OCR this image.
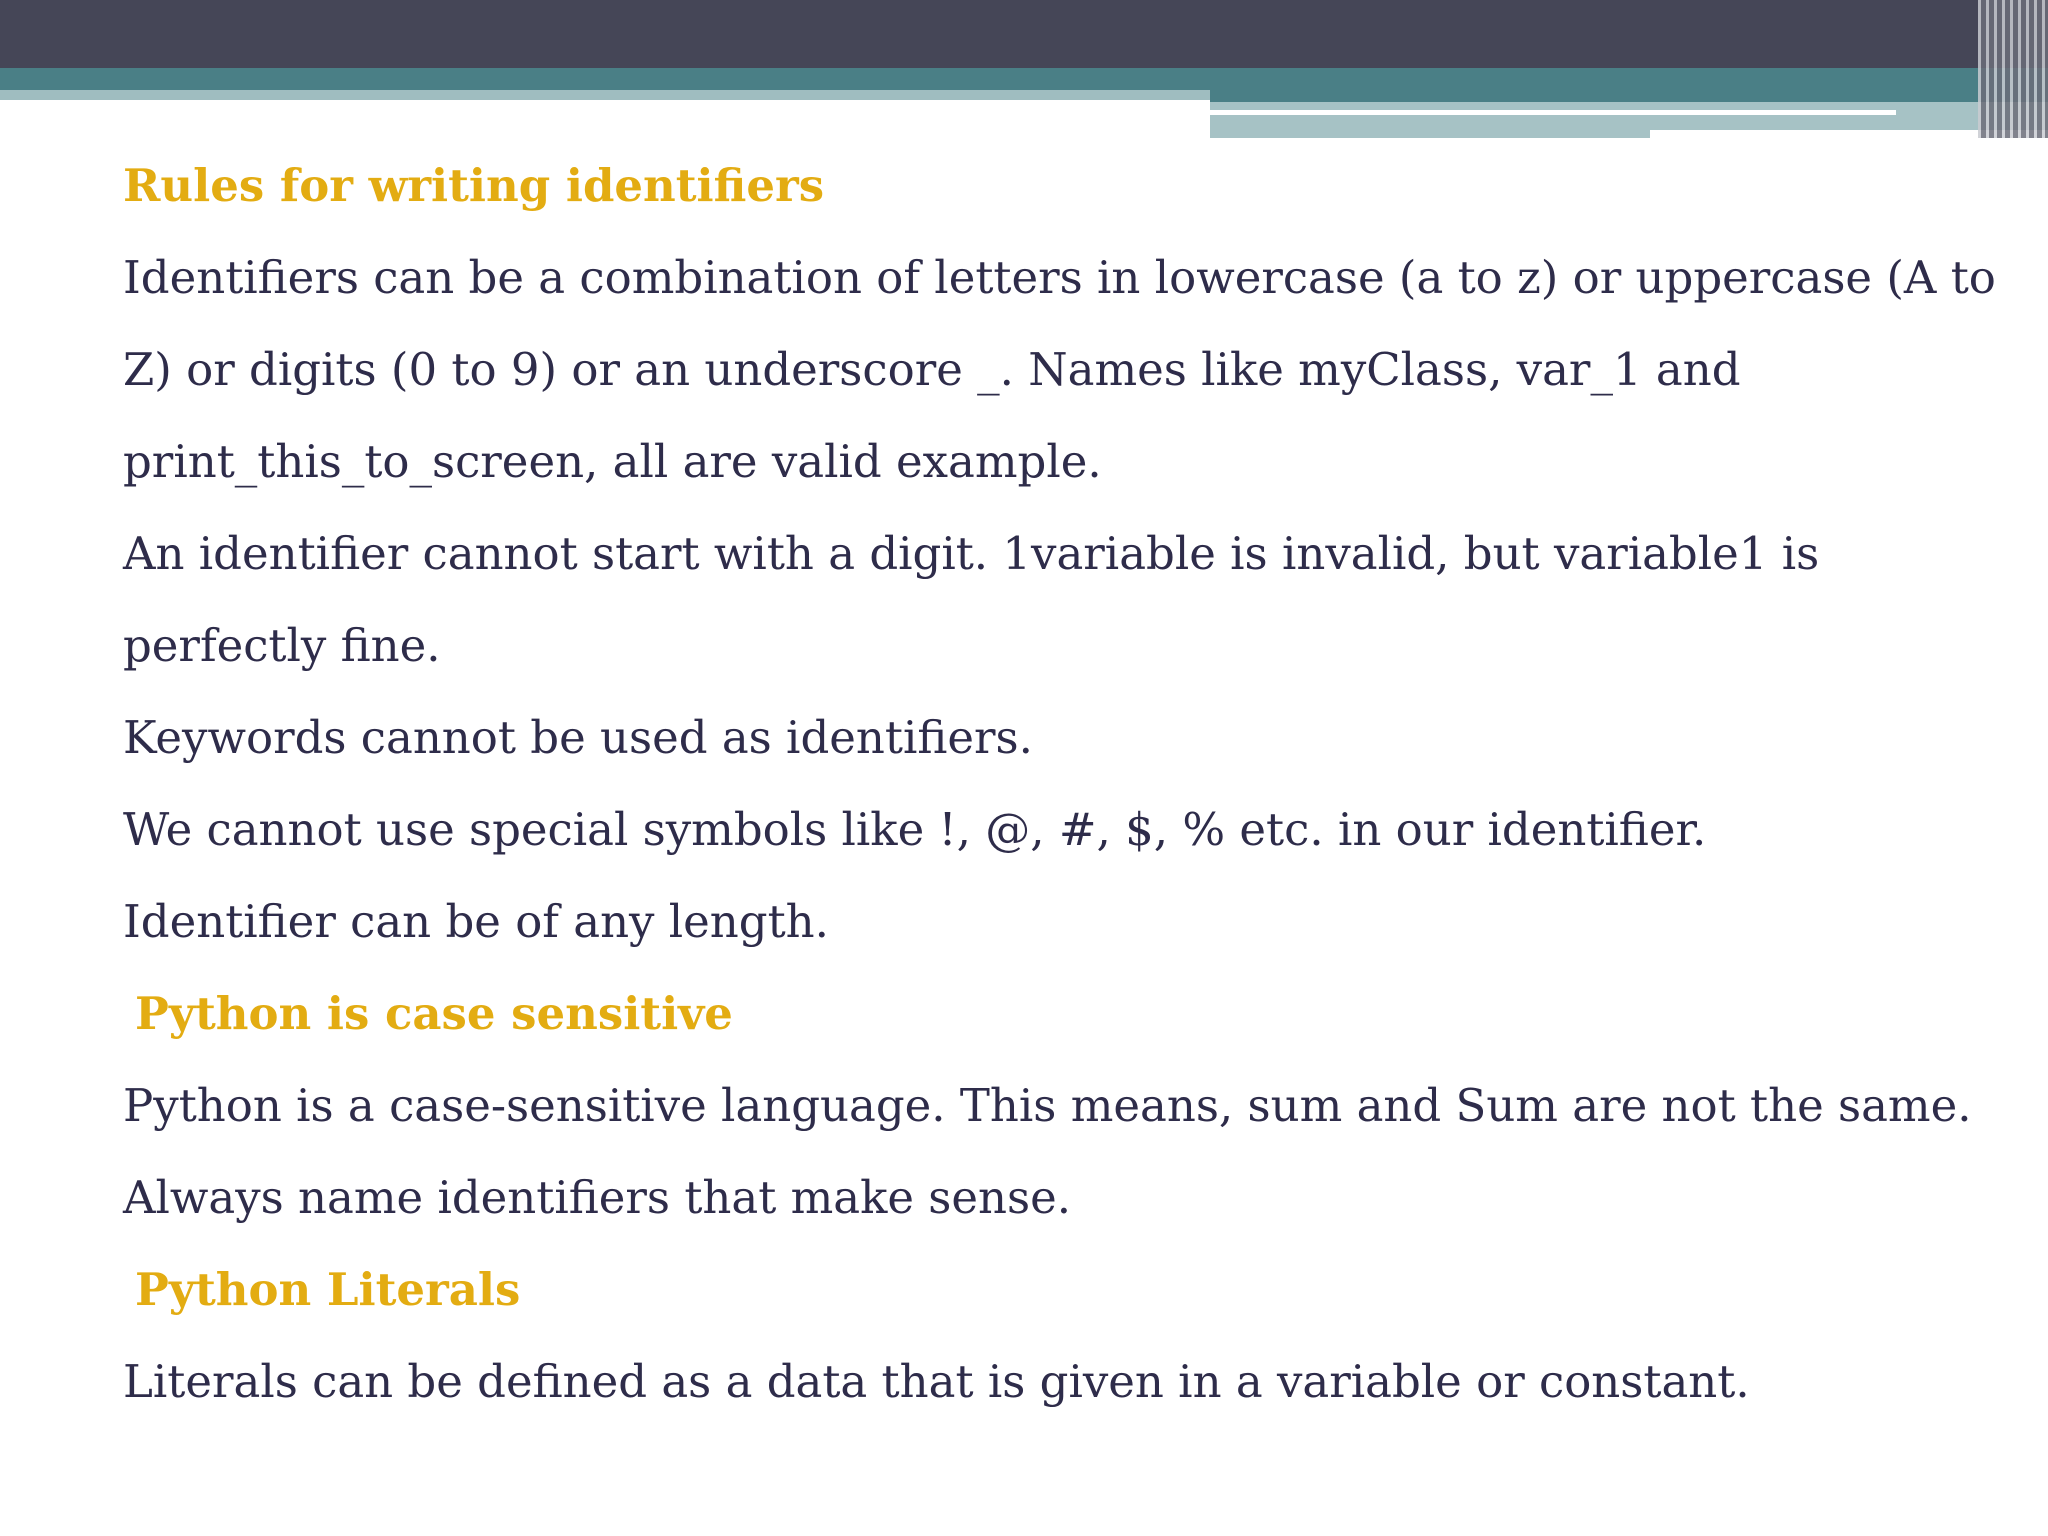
Rules for writing identifiers

Identifiers can be a combination of letters in lowercase (a to z) or uppercase (A to Z) or digits (0 to 9) or an underscore _. Names like myClass, var_1 and print_this_to_screen, all are valid example.

An identifier cannot start with a digit. 1variable is invalid, but variable1 is perfectly fine.

Keywords cannot be used as identifiers.

We cannot use special symbols like !, @, #, $, % etc. in our identifier.

Identifier can be of any length.

Python is case sensitive

Python is a case-sensitive language. This means, sum and Sum are not the same.

Always name identifiers that make sense.

Python Literals

Literals can be defined as a data that is given in a variable or constant.
